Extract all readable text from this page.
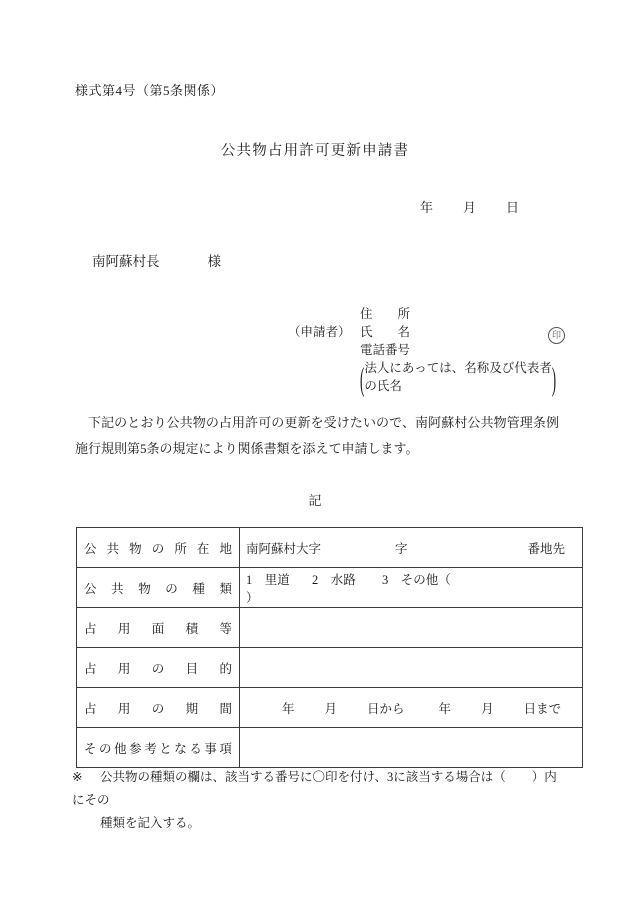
様式第4号（第5条関係）
公共物占用許可更新申請書
年 月 日
南阿蘇村長	様
住　　所
（申請者） 氏　　名	印
電話番号
( 法人にあっては、名称及び代表者
の氏名	)
下記のとおり公共物の占用許可の更新を受けたいので、南阿蘇村公共物管理条例施行規則第5条の規定により関係書類を添えて申請します。
記
公 共 物 の 所 在 地	南阿蘇村大字	字	番地先

公 共 物 の 種 類
	1　里道 2　水路 3　その他（）

占 用 面 積 等	

占 用 の 目 的	

占 用 の 期 間	年 月 日から 年 月 日まで

そ の 他 参 考 と な る 事 項

※ 公共物の種類の欄は、該当する番号に〇印を付け、3に該当する場合は（ ）内にその
種類を記入する。
